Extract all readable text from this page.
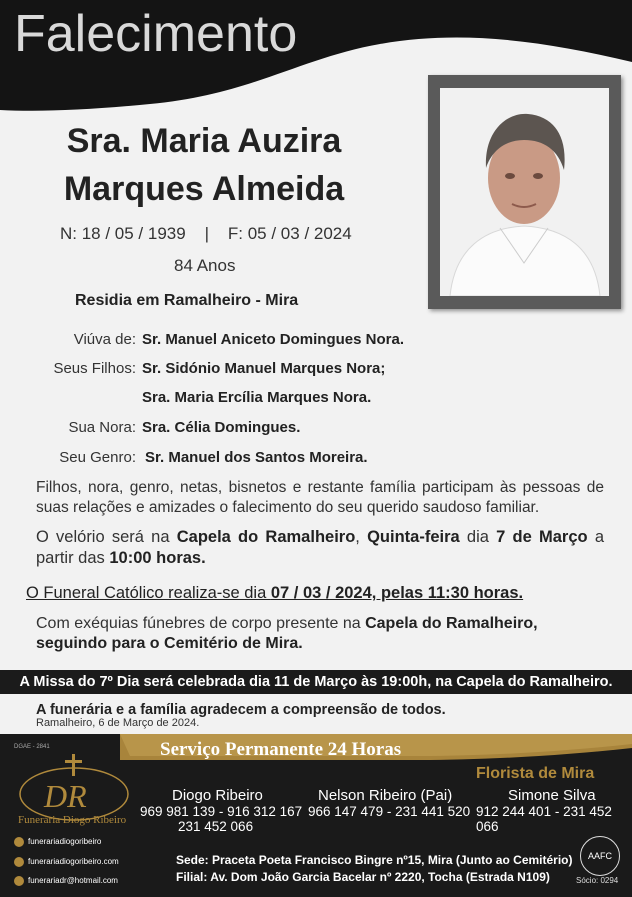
Falecimento
Sra. Maria Auzira
Marques Almeida
N: 18 / 05 / 1939    |    F: 05 / 03 / 2024
84 Anos
Residia em Ramalheiro - Mira
Viúva de: Sr. Manuel Aniceto Domingues Nora.
Seus Filhos: Sr. Sidónio Manuel Marques Nora;
Sra. Maria Ercília Marques Nora.
Sua Nora: Sra. Célia Domingues.
Seu Genro: Sr. Manuel dos Santos Moreira.
Filhos, nora, genro, netas, bisnetos e restante família participam às pessoas de suas relações e amizades o falecimento do seu querido saudoso familiar.
O velório será na Capela do Ramalheiro, Quinta-feira dia 7 de Março a partir das 10:00 horas.
O Funeral Católico realiza-se dia 07 / 03 / 2024, pelas 11:30 horas.
Com exéquias fúnebres de corpo presente na Capela do Ramalheiro,
seguindo para o Cemitério de Mira.
A Missa do 7º Dia será celebrada dia 11 de Março às 19:00h, na Capela do Ramalheiro.
A funerária e a família agradecem a compreensão de todos.
Ramalheiro, 6 de Março de 2024.
DGAE - 2841	Serviço Permanente 24 Horas
DR
Funerária Diogo Ribeiro
funerariadiogoribeiro
funerariadiogoribeiro.com
funerariadr@hotmail.com
Diogo Ribeiro
969 981 139 - 916 312 167
231 452 066
Nelson Ribeiro (Pai)
966 147 479 - 231 441 520
Florista de Mira
Simone Silva
912 244 401 - 231 452 066
Sede: Praceta Poeta Francisco Bingre nº15, Mira (Junto ao Cemitério)
Filial: Av. Dom João Garcia Bacelar nº 2220, Tocha (Estrada N109)
AAFC
Sócio: 0294
